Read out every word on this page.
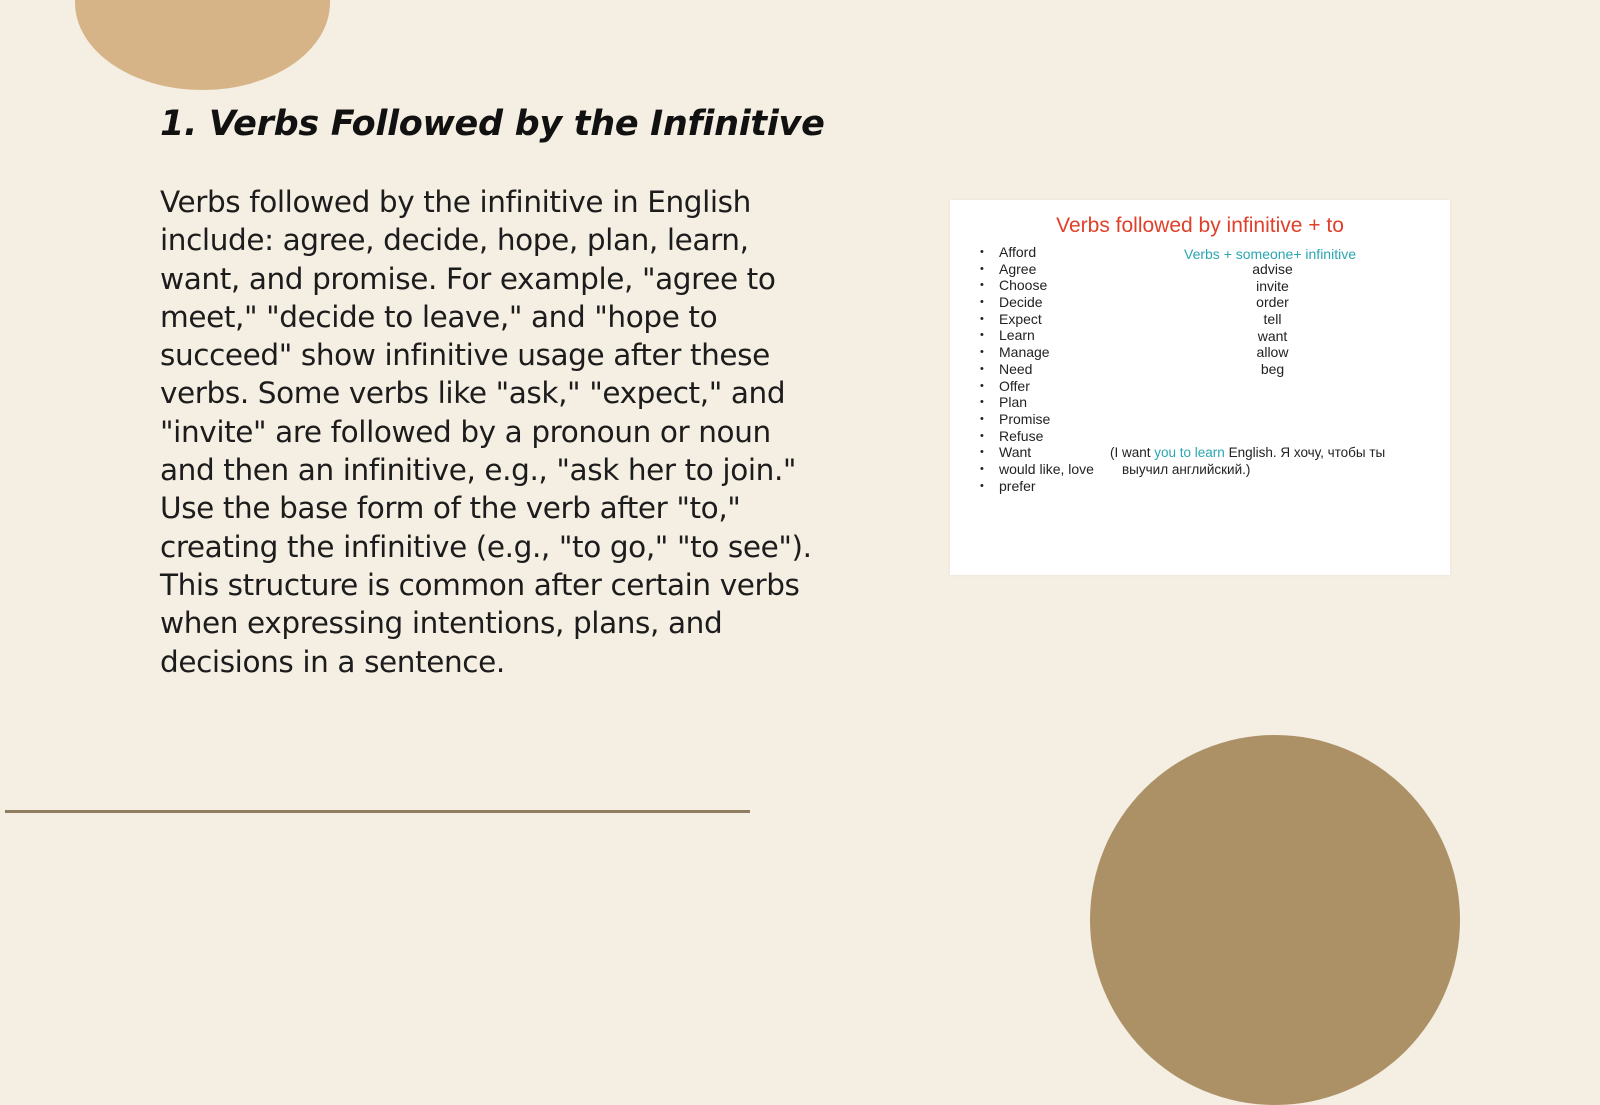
1. Verbs Followed by the Infinitive
Verbs followed by the infinitive in English include: agree, decide, hope, plan, learn, want, and promise. For example, "agree to meet," "decide to leave," and "hope to succeed" show infinitive usage after these verbs. Some verbs like "ask," "expect," and "invite" are followed by a pronoun or noun and then an infinitive, e.g., "ask her to join." Use the base form of the verb after "to," creating the infinitive (e.g., "to go," "to see"). This structure is common after certain verbs when expressing intentions, plans, and decisions in a sentence.
Verbs followed by infinitive + to
• Afford
• Agree
• Choose
• Decide
• Expect
• Learn
• Manage
• Need
• Offer
• Plan
• Promise
• Refuse
• Want
• would like, love
• prefer
Verbs + someone+ infinitive
advise
invite
order
tell
want
allow
beg
(I want you to learn English. Я хочу, чтобы ты
выучил английский.)
